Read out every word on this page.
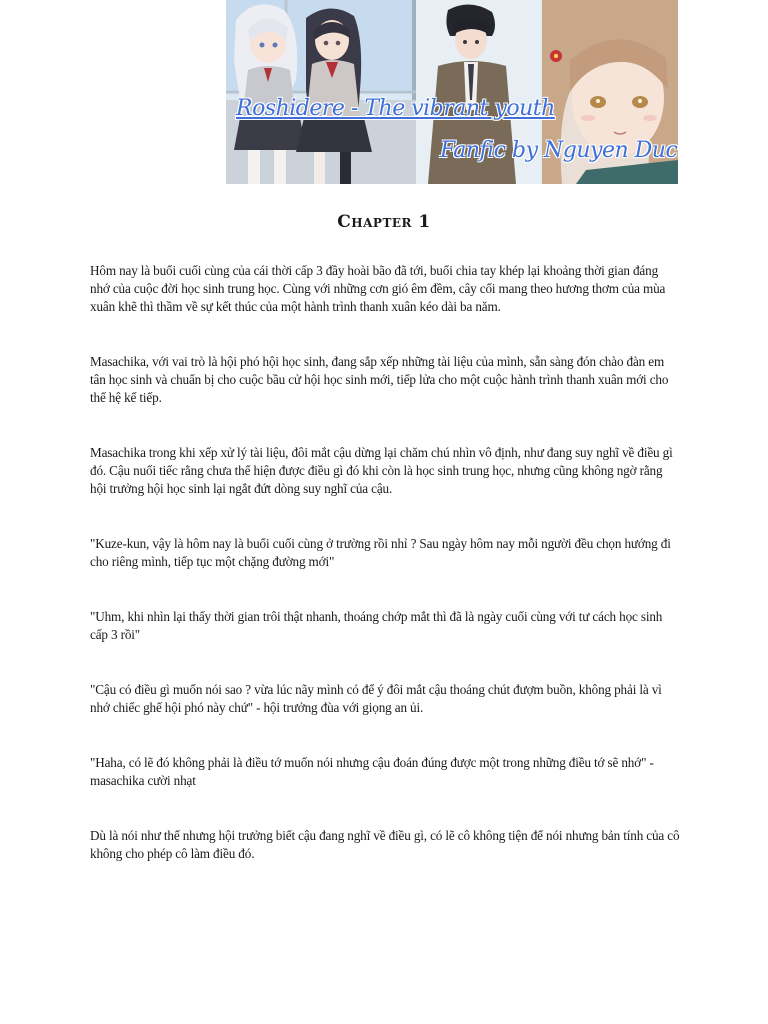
Roshidere - The vibrant youth
Fanfic by Nguyen Duc
Chapter 1

Hôm nay là buổi cuối cùng của cái thời cấp 3 đầy hoài bão đã tới, buổi chia tay khép lại khoảng thời gian đáng nhớ của cuộc đời học sinh trung học. Cùng với những cơn gió êm đềm, cây cối mang theo hương thơm của mùa xuân khẽ thì thầm về sự kết thúc của một hành trình thanh xuân kéo dài ba năm.

Masachika, với vai trò là hội phó hội học sinh, đang sắp xếp những tài liệu của mình, sẵn sàng đón chào đàn em tân học sinh và chuẩn bị cho cuộc bầu cử hội học sinh mới, tiếp lửa cho một cuộc hành trình thanh xuân mới cho thế hệ kế tiếp.

Masachika trong khi xếp xử lý tài liệu, đôi mắt cậu dừng lại chăm chú nhìn vô định, như đang suy nghĩ về điều gì đó. Cậu nuối tiếc rằng chưa thể hiện được điều gì đó khi còn là học sinh trung học, nhưng cũng không ngờ rằng hội trưởng hội học sinh lại ngắt đứt dòng suy nghĩ của cậu.

"Kuze-kun, vậy là hôm nay là buổi cuối cùng ở trường rồi nhỉ ? Sau ngày hôm nay mỗi người đều chọn hướng đi cho riêng mình, tiếp tục một chặng đường mới"

"Uhm, khi nhìn lại thấy thời gian trôi thật nhanh, thoáng chớp mắt thì đã là ngày cuối cùng với tư cách học sinh cấp 3 rồi"

"Cậu có điều gì muốn nói sao ? vừa lúc nãy mình có để ý đôi mắt cậu thoáng chút đượm buồn, không phải là vì nhớ chiếc ghế hội phó này chứ" - hội trưởng đùa với giọng an ủi.

"Haha, có lẽ đó không phải là điều tớ muốn nói nhưng cậu đoán đúng được một trong những điều tớ sẽ nhớ" - masachika cười nhạt

Dù là nói như thế nhưng hội trưởng biết cậu đang nghĩ về điều gì, có lẽ cô không tiện để nói nhưng bản tính của cô không cho phép cô làm điều đó.
